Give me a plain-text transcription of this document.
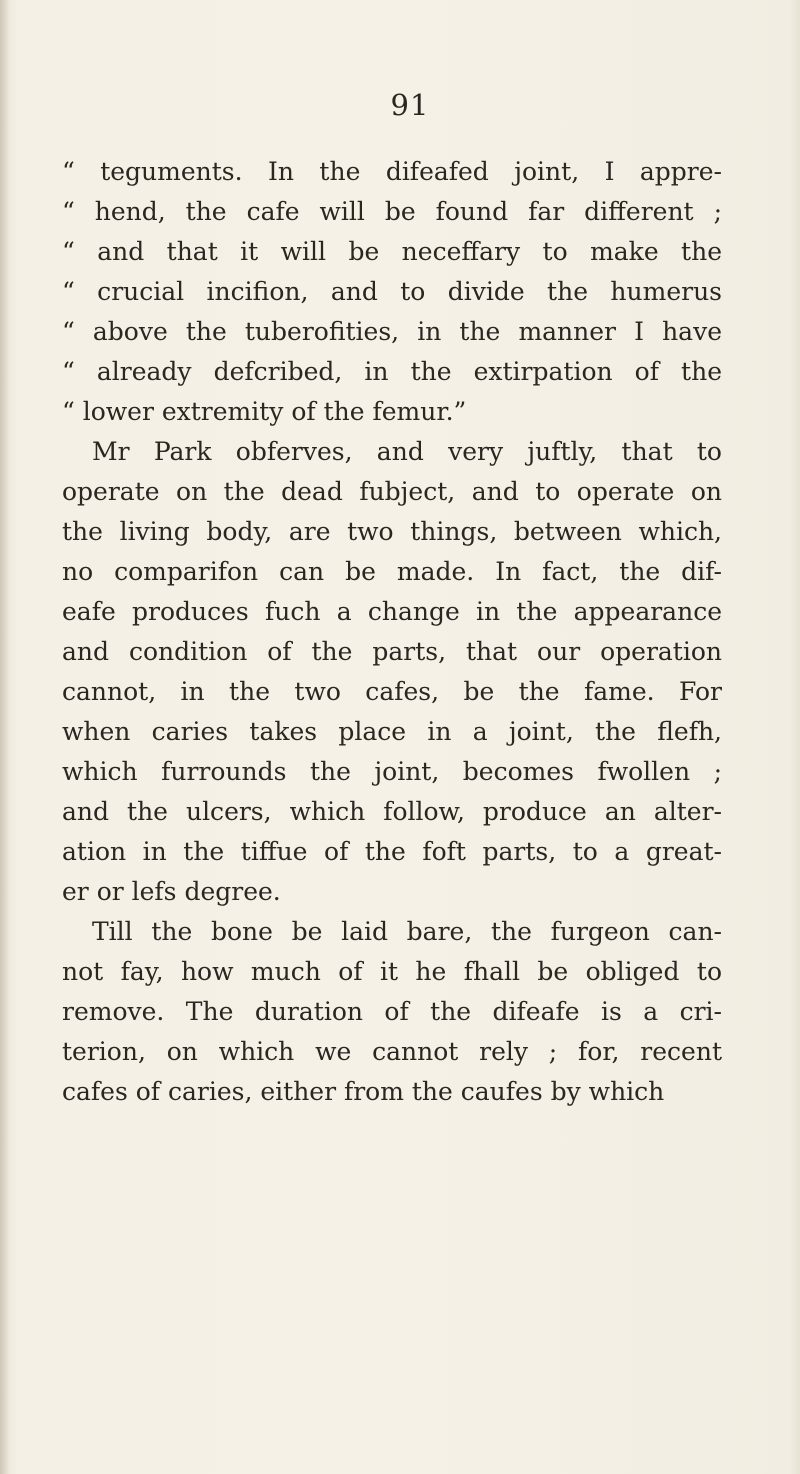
91
“ teguments. In the difeafed joint, I appre-
“ hend, the cafe will be found far different ;
“ and that it will be neceffary to make the
“ crucial incifion, and to divide the humerus
“ above the tuberofities, in the manner I have
“ already defcribed, in the extirpation of the
“ lower extremity of the femur.”
Mr Park obferves, and very juftly, that to
operate on the dead fubject, and to operate on
the living body, are two things, between which,
no comparifon can be made. In fact, the dif-
eafe produces fuch a change in the appearance
and condition of the parts, that our operation
cannot, in the two cafes, be the fame. For
when caries takes place in a joint, the flefh,
which furrounds the joint, becomes fwollen ;
and the ulcers, which follow, produce an alter-
ation in the tiffue of the foft parts, to a great-
er or lefs degree.
Till the bone be laid bare, the furgeon can-
not fay, how much of it he fhall be obliged to
remove. The duration of the difeafe is a cri-
terion, on which we cannot rely ; for, recent
cafes of caries, either from the caufes by which
